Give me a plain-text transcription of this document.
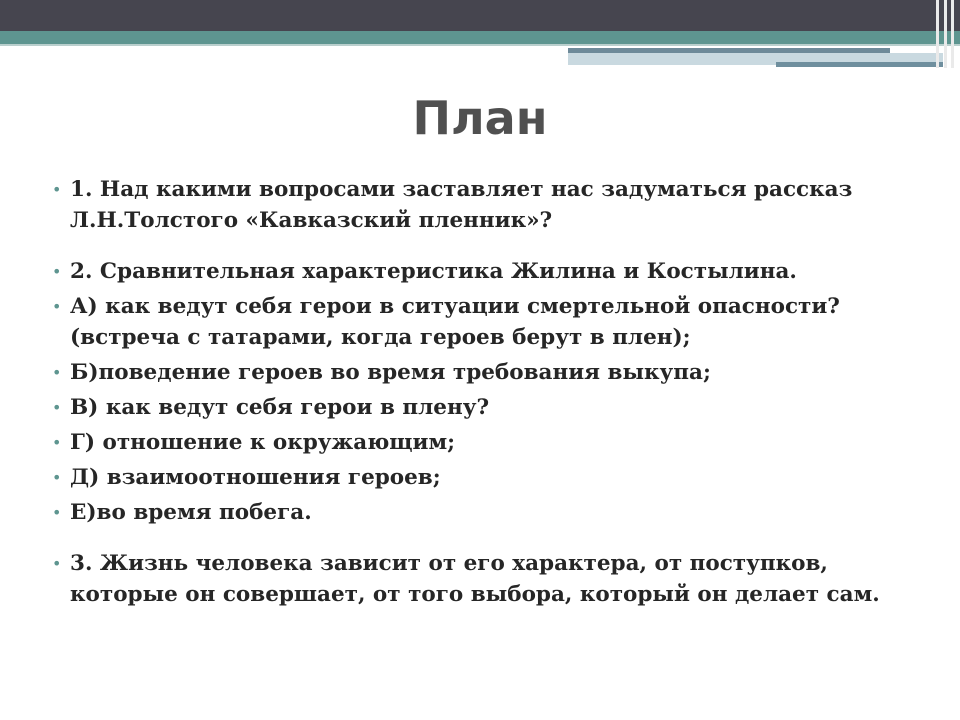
План
• 1. Над какими вопросами заставляет нас задуматься рассказ Л.Н.Толстого «Кавказский пленник»?
• 2. Сравнительная характеристика Жилина и Костылина.
• А) как ведут себя герои в ситуации смертельной опасности? (встреча с татарами, когда героев берут в плен);
• Б)поведение героев во время требования выкупа;
• В) как ведут себя герои в плену?
• Г) отношение к окружающим;
• Д) взаимоотношения героев;
• Е)во время побега.
• 3. Жизнь человека зависит от его характера, от поступков, которые он совершает, от того выбора, который он делает сам.
